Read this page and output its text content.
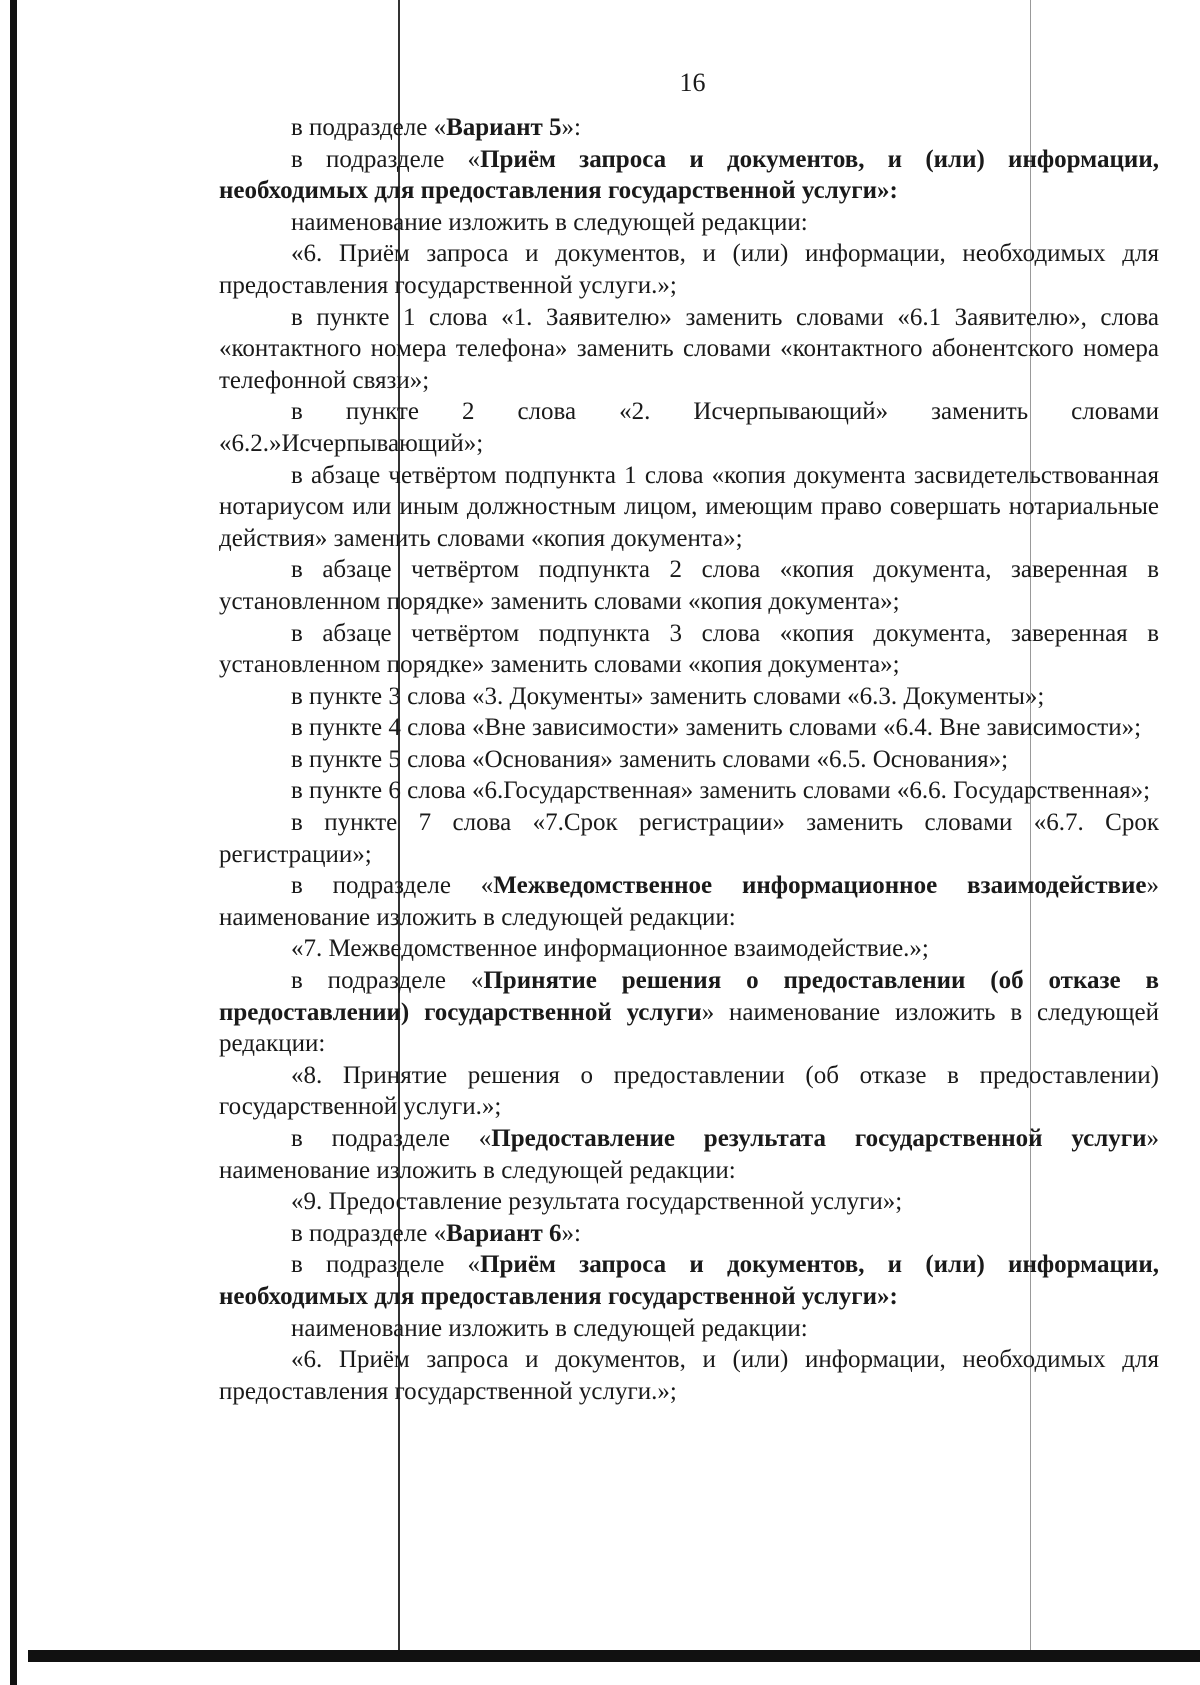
16

в подразделе «Вариант 5»:

в подразделе «Приём запроса и документов, и (или) информации, необходимых для предоставления государственной услуги»:

наименование изложить в следующей редакции:

«6. Приём запроса и документов, и (или) информации, необходимых для предоставления государственной услуги.»;

в пункте 1 слова «1. Заявителю» заменить словами «6.1 Заявителю», слова «контактного номера телефона» заменить словами «контактного абонентского номера телефонной связи»;

в пункте 2 слова «2. Исчерпывающий» заменить словами «6.2.»Исчерпывающий»;

в абзаце четвёртом подпункта 1 слова «копия документа засвидетельствованная нотариусом или иным должностным лицом, имеющим право совершать нотариальные действия» заменить словами «копия документа»;

в абзаце четвёртом подпункта 2 слова «копия документа, заверенная в установленном порядке» заменить словами «копия документа»;

в абзаце четвёртом подпункта 3 слова «копия документа, заверенная в установленном порядке» заменить словами «копия документа»;

в пункте 3 слова «3. Документы» заменить словами «6.3. Документы»;

в пункте 4 слова «Вне зависимости» заменить словами «6.4. Вне зависимости»;

в пункте 5 слова «Основания» заменить словами «6.5. Основания»;

в пункте 6 слова «6.Государственная» заменить словами «6.6. Государственная»;

в пункте 7 слова «7.Срок регистрации» заменить словами «6.7. Срок регистрации»;

в подразделе «Межведомственное информационное взаимодействие» наименование изложить в следующей редакции:

«7. Межведомственное информационное взаимодействие.»;

в подразделе «Принятие решения о предоставлении (об отказе в предоставлении) государственной услуги» наименование изложить в следующей редакции:

«8. Принятие решения о предоставлении (об отказе в предоставлении) государственной услуги.»;

в подразделе «Предоставление результата государственной услуги» наименование изложить в следующей редакции:

«9. Предоставление результата государственной услуги»;

в подразделе «Вариант 6»:

в подразделе «Приём запроса и документов, и (или) информации, необходимых для предоставления государственной услуги»:

наименование изложить в следующей редакции:

«6. Приём запроса и документов, и (или) информации, необходимых для предоставления государственной услуги.»;
